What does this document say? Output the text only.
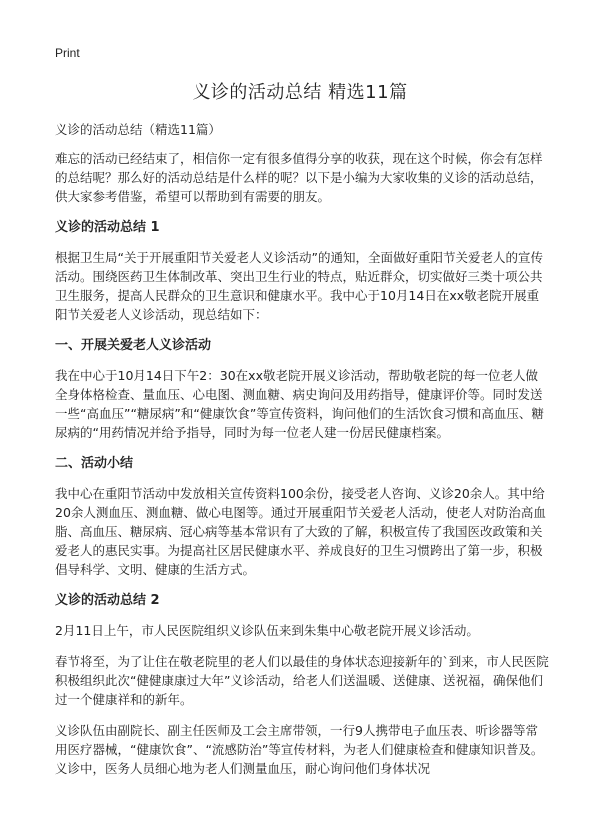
Print
义诊的活动总结 精选11篇

义诊的活动总结（精选11篇）

难忘的活动已经结束了，相信你一定有很多值得分享的收获，现在这个时候，你会有怎样的总结呢？那么好的活动总结是什么样的呢？以下是小编为大家收集的义诊的活动总结，供大家参考借鉴，希望可以帮助到有需要的朋友。

义诊的活动总结 1

根据卫生局“关于开展重阳节关爱老人义诊活动”的通知，全面做好重阳节关爱老人的宣传活动。围绕医药卫生体制改革、突出卫生行业的特点，贴近群众，切实做好三类十项公共卫生服务，提高人民群众的卫生意识和健康水平。我中心于10月14日在xx敬老院开展重阳节关爱老人义诊活动，现总结如下：

一、开展关爱老人义诊活动

我在中心于10月14日下午2：30在xx敬老院开展义诊活动，帮助敬老院的每一位老人做全身体格检查、量血压、心电图、测血糖、病史询问及用药指导，健康评价等。同时发送一些“高血压”“糖尿病”和“健康饮食”等宣传资料，询问他们的生活饮食习惯和高血压、糖尿病的“用药情况并给予指导，同时为每一位老人建一份居民健康档案。

二、活动小结

我中心在重阳节活动中发放相关宣传资料100余份，接受老人咨询、义诊20余人。其中给20余人测血压、测血糖、做心电图等。通过开展重阳节关爱老人活动，使老人对防治高血脂、高血压、糖尿病、冠心病等基本常识有了大致的了解，积极宣传了我国医改政策和关爱老人的惠民实事。为提高社区居民健康水平、养成良好的卫生习惯跨出了第一步，积极倡导科学、文明、健康的生活方式。

义诊的活动总结 2

2月11日上午，市人民医院组织义诊队伍来到朱集中心敬老院开展义诊活动。

春节将至，为了让住在敬老院里的老人们以最佳的身体状态迎接新年的`到来，市人民医院积极组织此次“健健康康过大年”义诊活动，给老人们送温暖、送健康、送祝福，确保他们过一个健康祥和的新年。

义诊队伍由副院长、副主任医师及工会主席带领，一行9人携带电子血压表、听诊器等常用医疗器械，“健康饮食”、“流感防治”等宣传材料，为老人们健康检查和健康知识普及。义诊中，医务人员细心地为老人们测量血压，耐心询问他们身体状况
